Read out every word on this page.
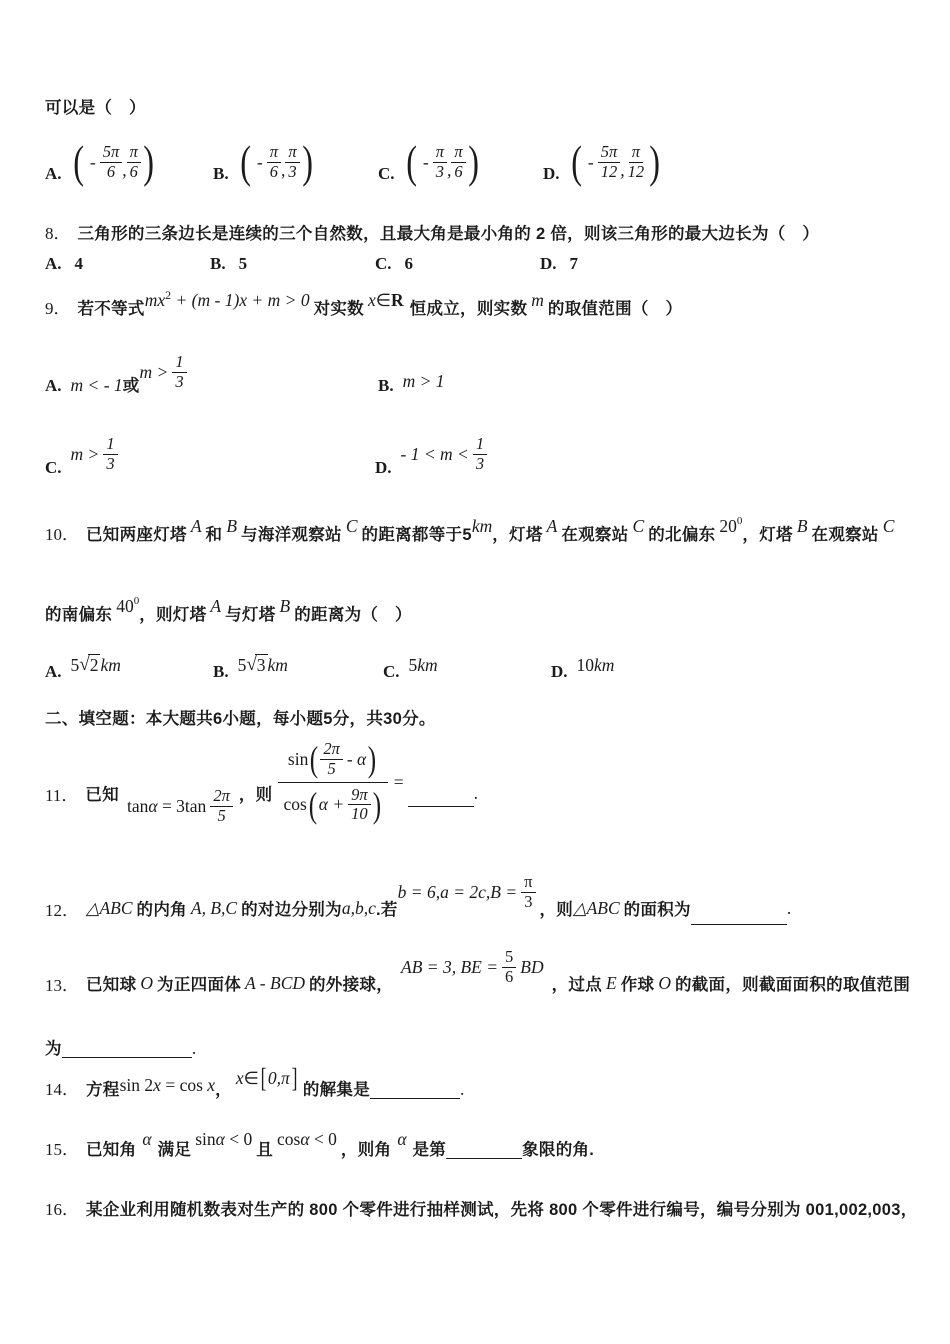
可以是（　）
A. ( - $\frac{5\pi}{6}$ , $\frac{\pi}{6}$ )	B. ( - $\frac{\pi}{6}$ , $\frac{\pi}{3}$ )	C. ( - $\frac{\pi}{3}$ , $\frac{\pi}{6}$ )	D. ( - $\frac{5\pi}{12}$ , $\frac{\pi}{12}$ )
8． 三角形的三条边长是连续的三个自然数，且最大角是最小角的 2 倍，则该三角形的最大边长为（　）
A. 4	B. 5	C. 6	D. 7
9． 若不等式 $mx^2 + (m - 1)x + m > 0$ 对实数 x∈R 恒成立，则实数 m 的取值范围（　）
A. m < - 1 或
$m > \frac{1}{3}$	B. m > 1
C.
$m > \frac{1}{3}$	D.
- $1 < m < \frac{1}{3}$
10． 已知两座灯塔 A 和 B 与海洋观察站 C 的距离都等于5 km ，灯塔 A 在观察站 C 的北偏东 $20^0$
，灯塔 B 在观察站 C
的南偏东 $40^0$
，则灯塔 A 与灯塔 B 的距离为（　）
A. 5 √ 2 km	B. 5 √ 3 km	C. 5 km	D. 10 km
二、填空题：本大题共6小题，每小题5分，共30分。
11． 已知
$\tan\alpha = 3\tan \frac{2\pi}{5}$ ，则 $\frac{\sin ( \frac{2\pi}{5} - \alpha )}{\cos ( \alpha + \frac{9\pi}{10} )}$ =
.
12． △ABC 的内角 A, B,C 的对边分别为 a,b,c .若
$b = 6,a = 2c,B = \frac{\pi}{3}$ ，则 △ABC 的面积为	.
13． 已知球 O 为正四面体 A - BCD 的外接球，
AB = 3, BE = $\frac{5}{6}$ BD
，过点 E 作球 O 的截面，则截面面积的取值范围
为	.
14． 方程 sin 2x = cos x ，
x ∈ [ 0,π ] 的解集是	.
15． 已知角
α
满足
sinα < 0
且
cosα < 0
，则角
α
是第	象限的角.
16． 某企业利用随机数表对生产的 800 个零件进行抽样测试，先将 800 个零件进行编号，编号分别为 001,002,003，
